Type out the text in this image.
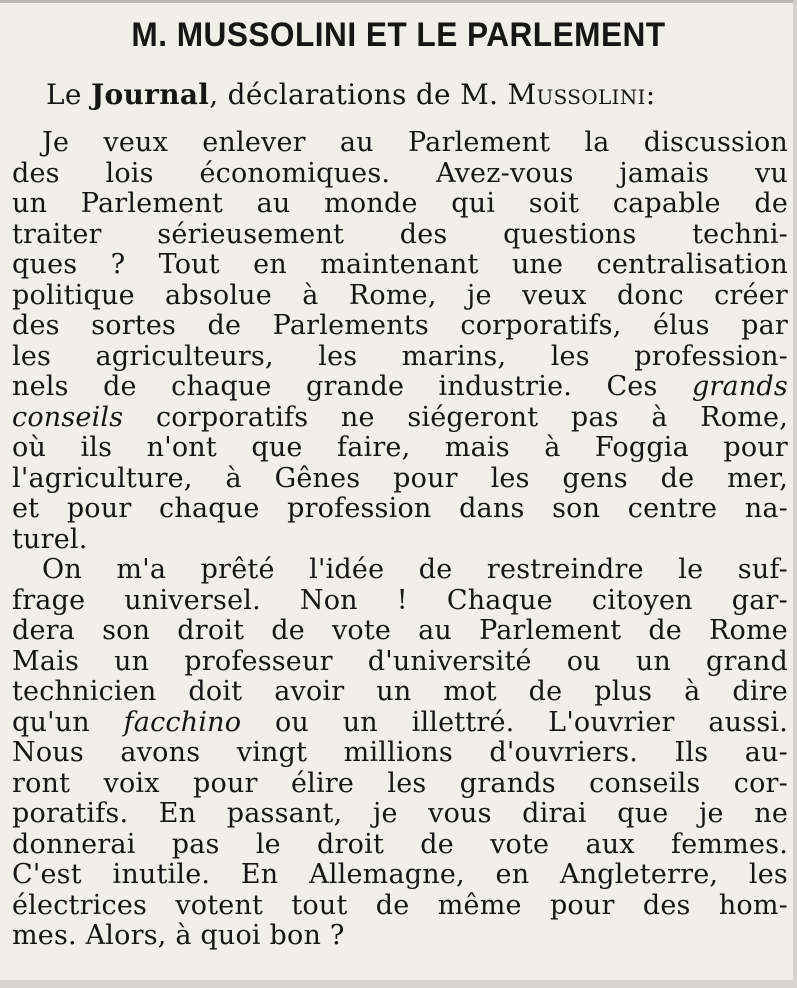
M. MUSSOLINI ET LE PARLEMENT
Le Journal, déclarations de M. Mussolini:
Je veux enlever au Parlement la discussion
des lois économiques. Avez-vous jamais vu
un Parlement au monde qui soit capable de
traiter sérieusement des questions techni-
ques ? Tout en maintenant une centralisation
politique absolue à Rome, je veux donc créer
des sortes de Parlements corporatifs, élus par
les agriculteurs, les marins, les profession-
nels de chaque grande industrie. Ces grands
conseils corporatifs ne siégeront pas à Rome,
où ils n'ont que faire, mais à Foggia pour
l'agriculture, à Gênes pour les gens de mer,
et pour chaque profession dans son centre na-
turel.
On m'a prêté l'idée de restreindre le suf-
frage universel. Non ! Chaque citoyen gar-
dera son droit de vote au Parlement de Rome
Mais un professeur d'université ou un grand
technicien doit avoir un mot de plus à dire
qu'un facchino ou un illettré. L'ouvrier aussi.
Nous avons vingt millions d'ouvriers. Ils au-
ront voix pour élire les grands conseils cor-
poratifs. En passant, je vous dirai que je ne
donnerai pas le droit de vote aux femmes.
C'est inutile. En Allemagne, en Angleterre, les
électrices votent tout de même pour des hom-
mes. Alors, à quoi bon ?
